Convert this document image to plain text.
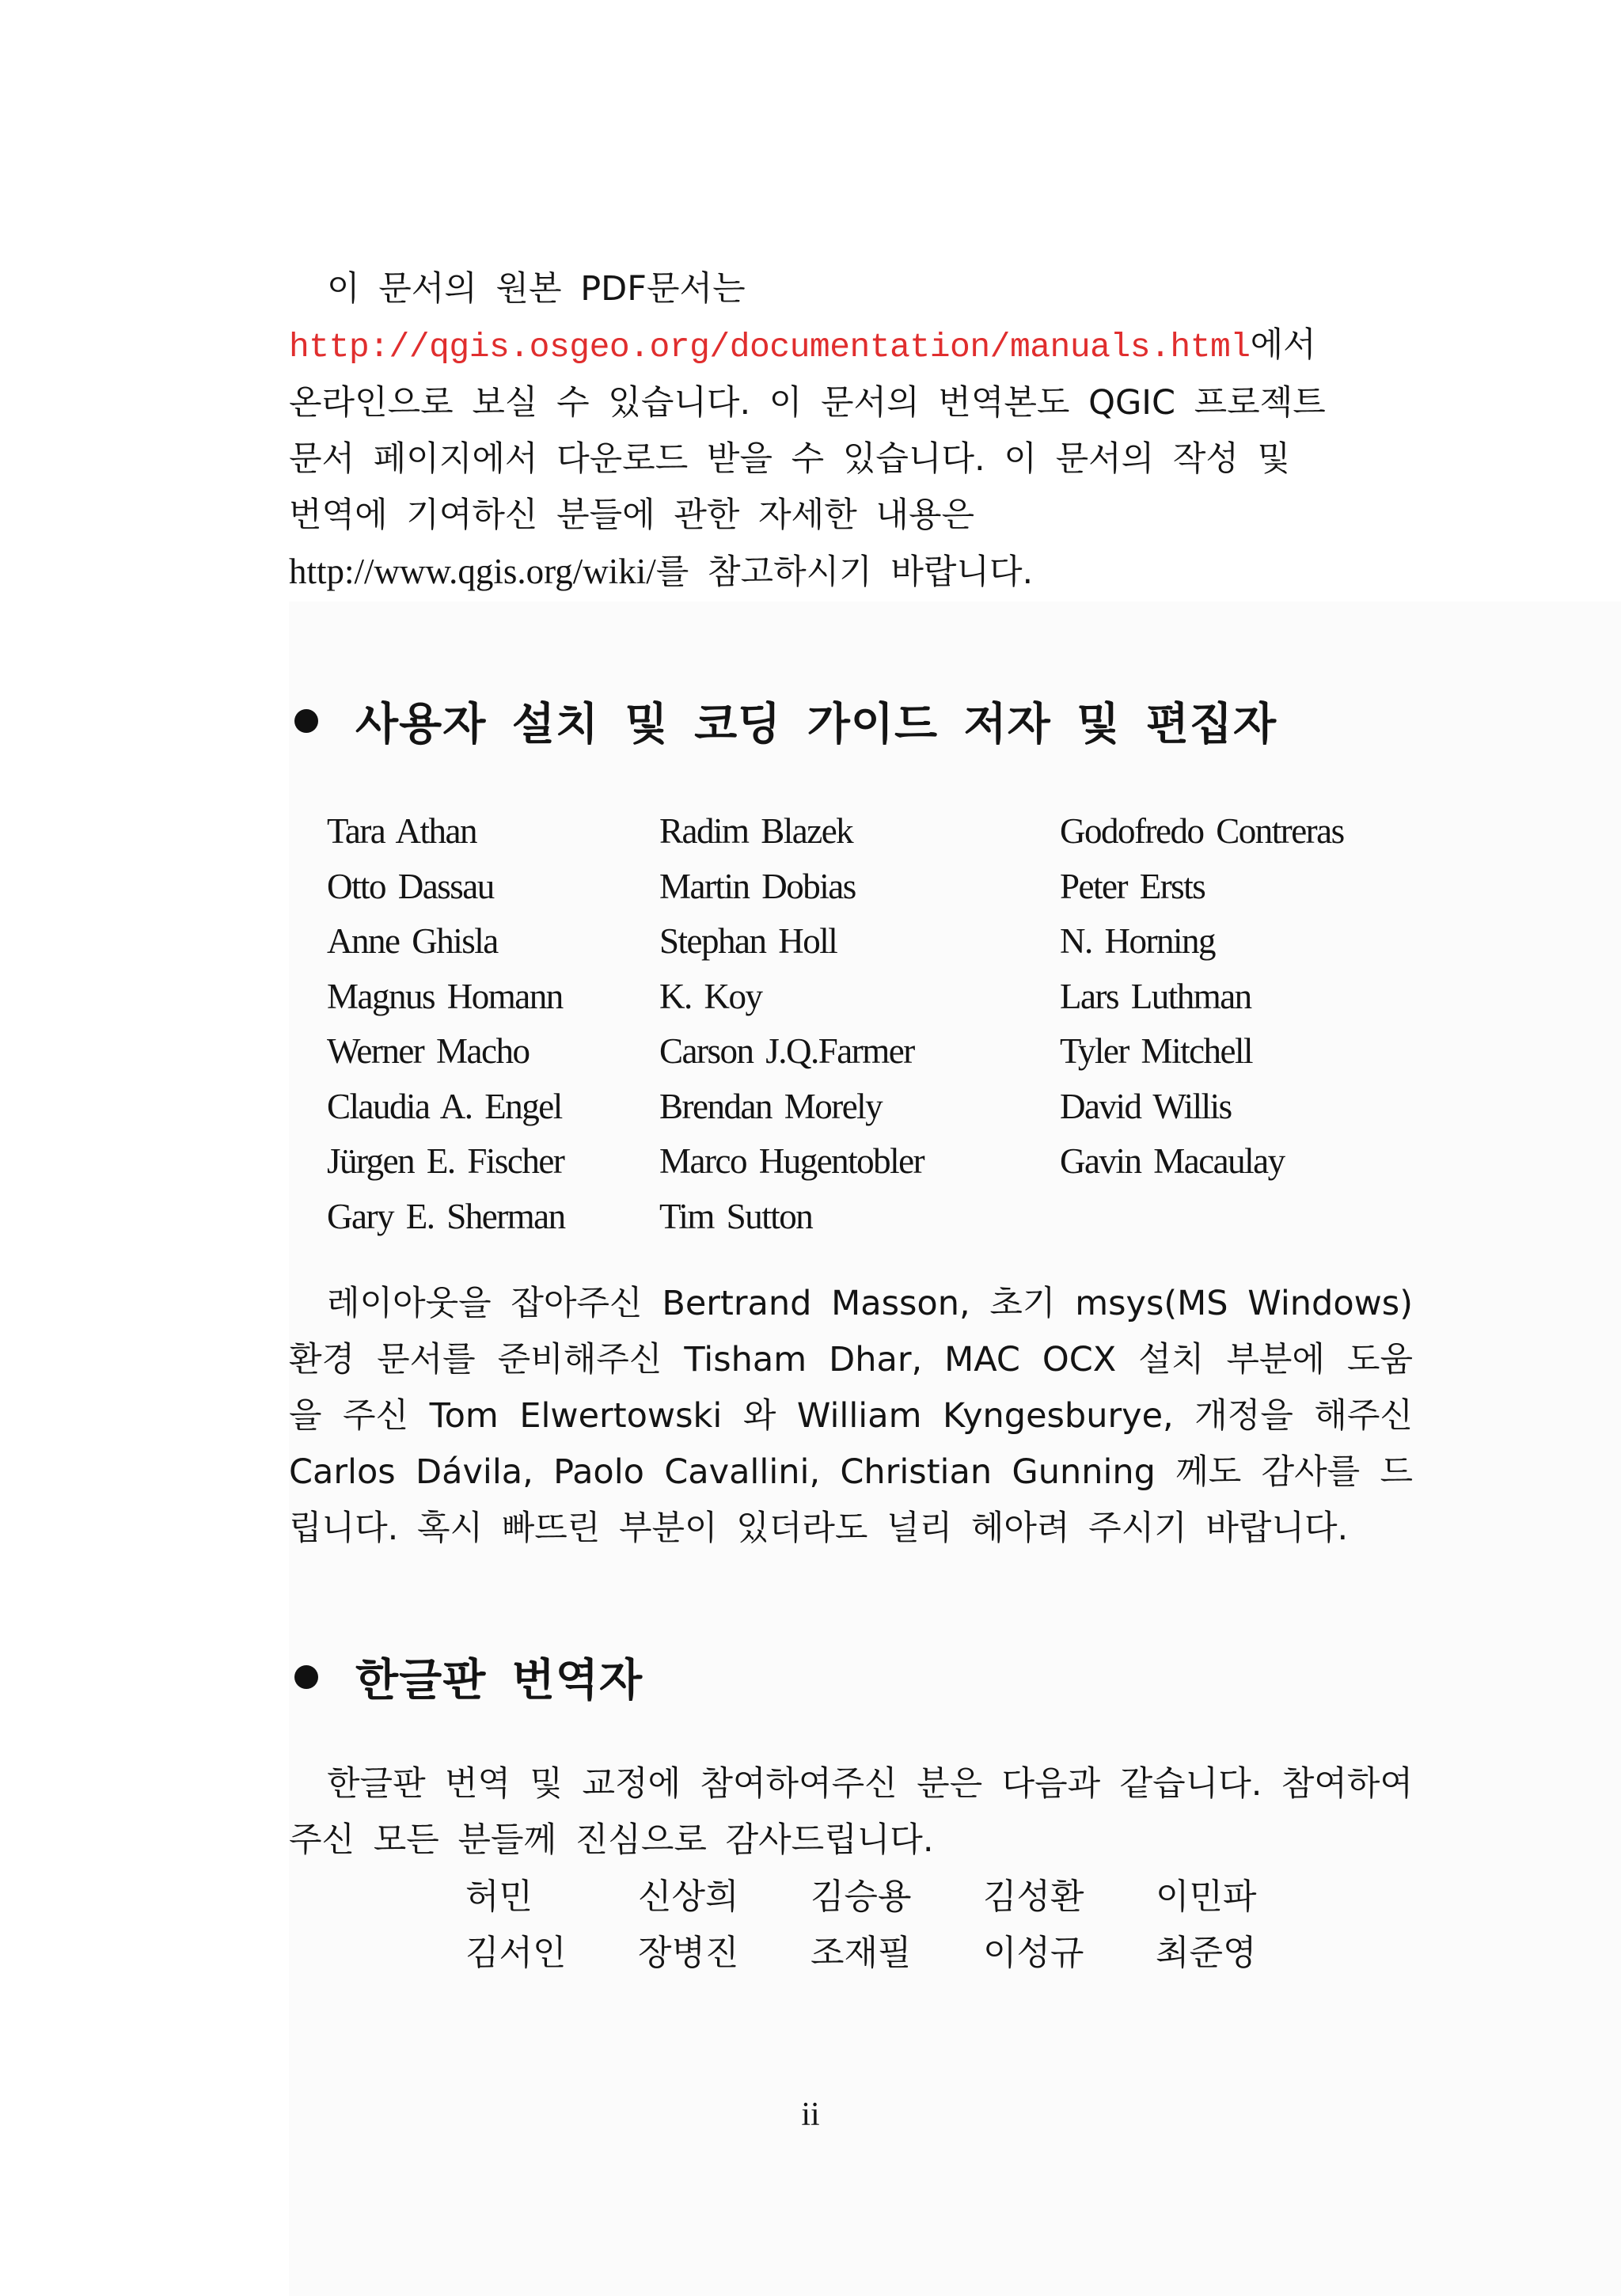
이 문서의 원본 PDF문서는

http://qgis.osgeo.org/documentation/manuals.html에서

온라인으로 보실 수 있습니다. 이 문서의 번역본도 QGIC 프로젝트

문서 페이지에서 다운로드 받을 수 있습니다. 이 문서의 작성 및

번역에 기여하신 분들에 관한 자세한 내용은

http://www.qgis.org/wiki/를 참고하시기 바랍니다.

사용자 설치 및 코딩 가이드 저자 및 편집자
Tara Athan	Radim Blazek	Godofredo Contreras
Otto Dassau	Martin Dobias	Peter Ersts
Anne Ghisla	Stephan Holl	N. Horning
Magnus Homann	K. Koy	Lars Luthman
Werner Macho	Carson J.Q.Farmer	Tyler Mitchell
Claudia A. Engel	Brendan Morely	David Willis
Jürgen E. Fischer	Marco Hugentobler	Gavin Macaulay
Gary E. Sherman	Tim Sutton

레이아웃을 잡아주신 Bertrand Masson, 초기 msys(MS Windows) 환경 문서를 준비해주신 Tisham Dhar, MAC OCX 설치 부분에 도움을 주신 Tom Elwertowski 와 William Kyngesburye, 개정을 해주신 Carlos Dávila, Paolo Cavallini, Christian Gunning 께도 감사를 드립니다. 혹시 빠뜨린 부분이 있더라도 널리 헤아려 주시기 바랍니다.

한글판 번역자

한글판 번역 및 교정에 참여하여주신 분은 다음과 같습니다. 참여하여 주신 모든 분들께 진심으로 감사드립니다.

허민	신상희	김승용	김성환	이민파
김서인	장병진	조재필	이성규	최준영
ii
